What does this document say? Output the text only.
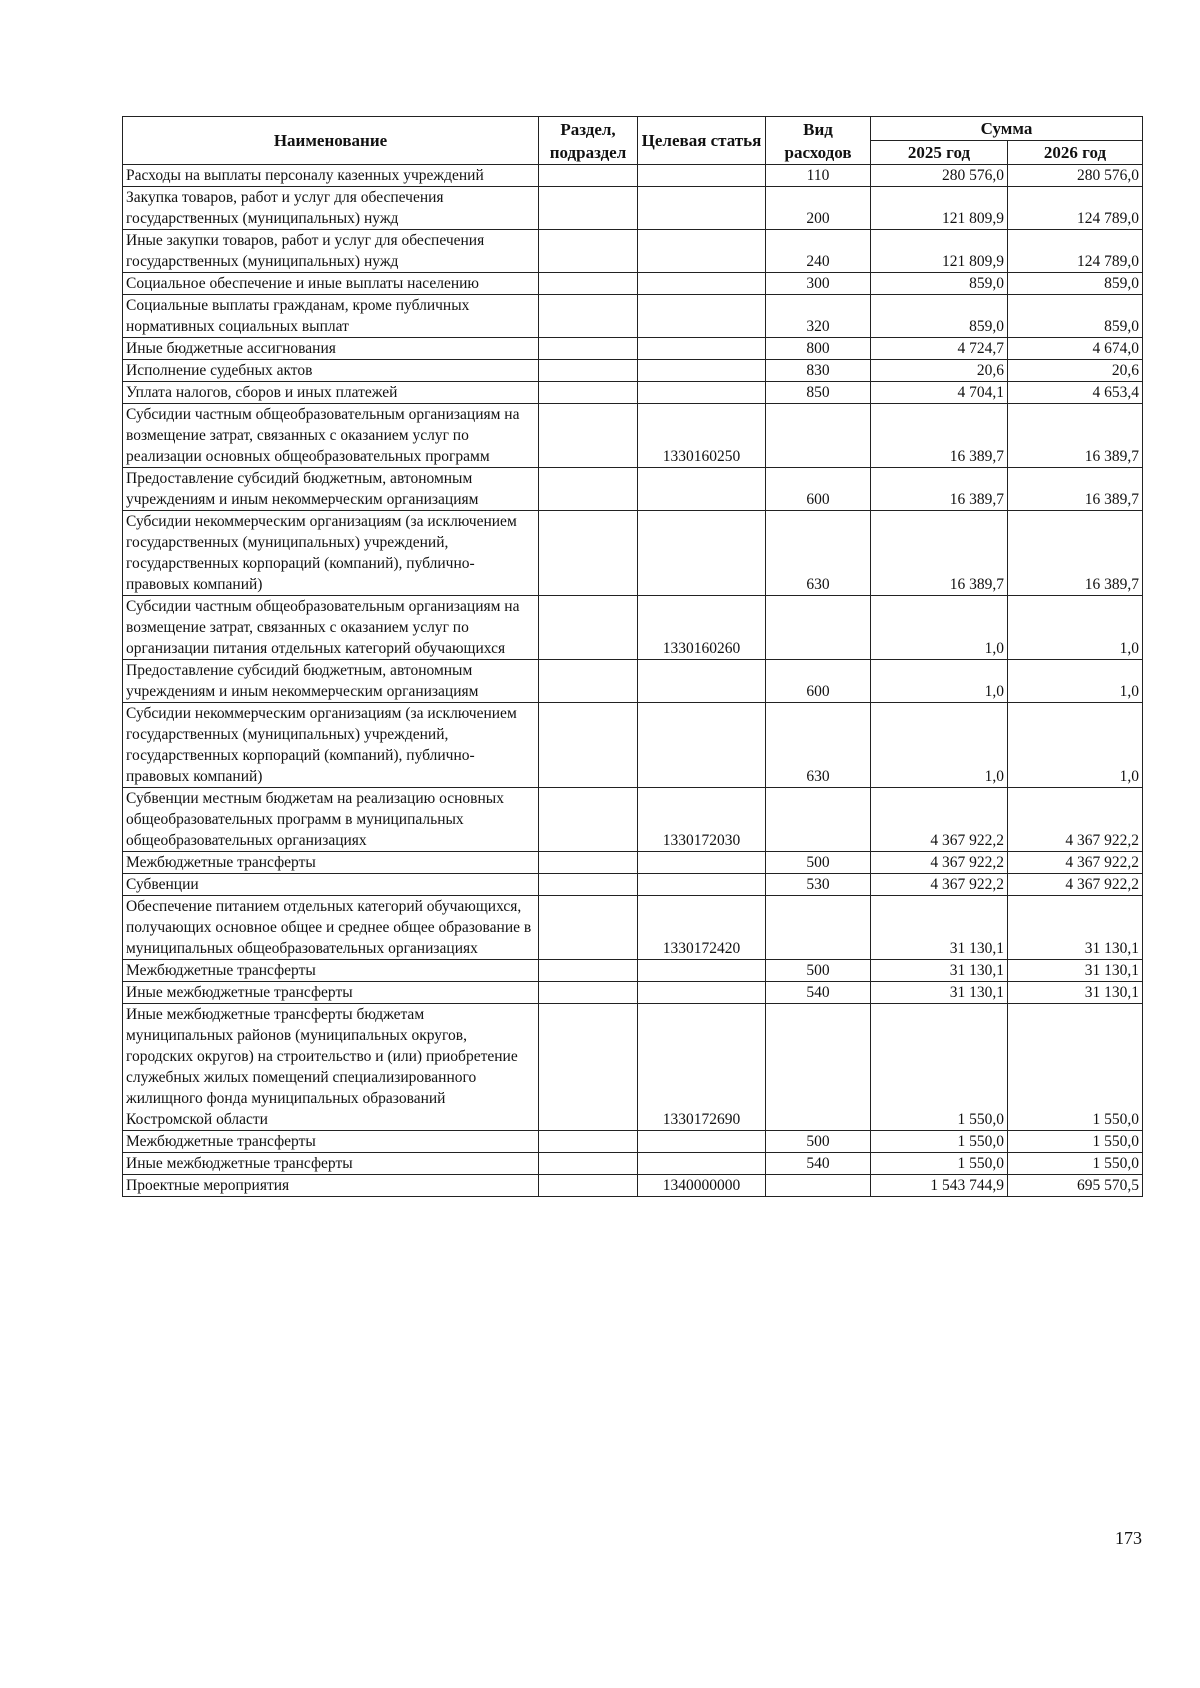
Наименование	Раздел, подраздел	Целевая статья	Вид расходов	Сумма	
				2025 год	2026 год
Расходы на выплаты персоналу казенных учреждений			110	280 576,0	280 576,0
Закупка товаров, работ и услуг для обеспечения государственных (муниципальных) нужд			200	121 809,9	124 789,0
Иные закупки товаров, работ и услуг для обеспечения государственных (муниципальных) нужд			240	121 809,9	124 789,0
Социальное обеспечение и иные выплаты населению			300	859,0	859,0
Социальные выплаты гражданам, кроме публичных нормативных социальных выплат			320	859,0	859,0
Иные бюджетные ассигнования			800	4 724,7	4 674,0
Исполнение судебных актов			830	20,6	20,6
Уплата налогов, сборов и иных платежей			850	4 704,1	4 653,4
Субсидии частным общеобразовательным организациям на возмещение затрат, связанных с оказанием услуг по реализации основных общеобразовательных программ		1330160250		16 389,7	16 389,7
Предоставление субсидий бюджетным, автономным учреждениям и иным некоммерческим организациям			600	16 389,7	16 389,7
Субсидии некоммерческим организациям (за исключением государственных (муниципальных) учреждений, государственных корпораций (компаний), публично-правовых компаний)			630	16 389,7	16 389,7
Субсидии частным общеобразовательным организациям на возмещение затрат, связанных с оказанием услуг по организации питания отдельных категорий обучающихся		1330160260		1,0	1,0
Предоставление субсидий бюджетным, автономным учреждениям и иным некоммерческим организациям			600	1,0	1,0
Субсидии некоммерческим организациям (за исключением государственных (муниципальных) учреждений, государственных корпораций (компаний), публично-правовых компаний)			630	1,0	1,0
Субвенции местным бюджетам на реализацию основных общеобразовательных программ в муниципальных общеобразовательных организациях		1330172030		4 367 922,2	4 367 922,2
Межбюджетные трансферты			500	4 367 922,2	4 367 922,2
Субвенции			530	4 367 922,2	4 367 922,2
Обеспечение питанием отдельных категорий обучающихся, получающих основное общее и среднее общее образование в муниципальных общеобразовательных организациях		1330172420		31 130,1	31 130,1
Межбюджетные трансферты			500	31 130,1	31 130,1
Иные межбюджетные трансферты			540	31 130,1	31 130,1
Иные межбюджетные трансферты бюджетам муниципальных районов (муниципальных округов, городских округов) на строительство и (или) приобретение служебных жилых помещений специализированного жилищного фонда муниципальных образований Костромской области		1330172690		1 550,0	1 550,0
Межбюджетные трансферты			500	1 550,0	1 550,0
Иные межбюджетные трансферты			540	1 550,0	1 550,0
Проектные мероприятия		1340000000		1 543 744,9	695 570,5
173
